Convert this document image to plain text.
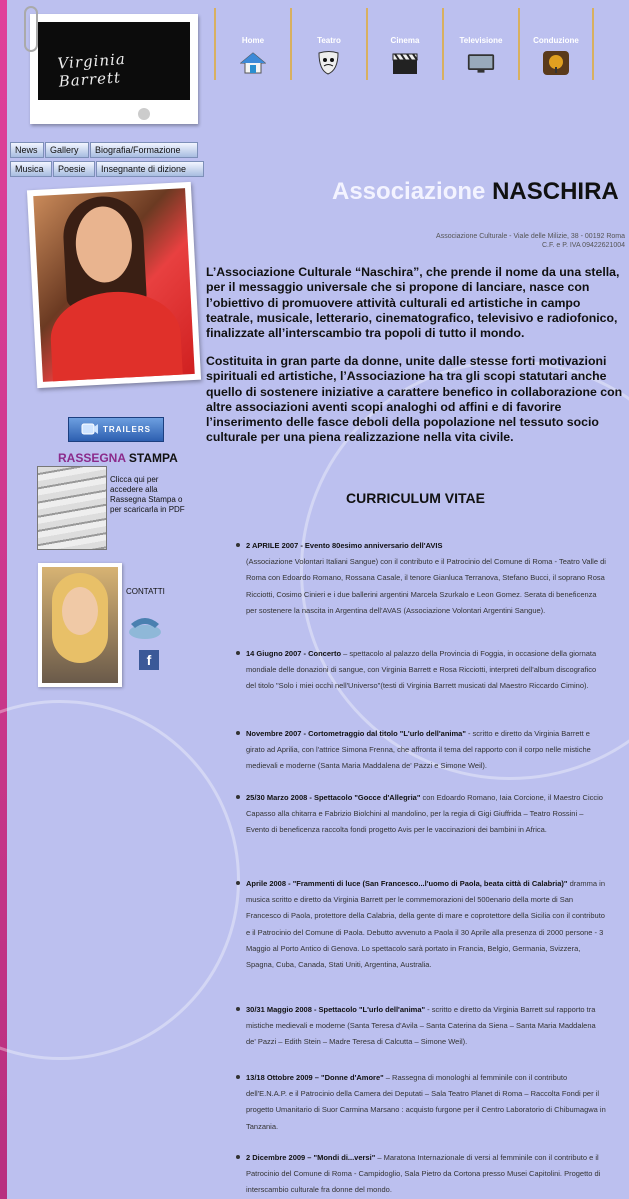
Virginia Barrett
Home	Teatro	Cinema	Televisione	Conduzione
News	Gallery	Biografia/Formazione
Musica	Poesie	Insegnante di dizione
TRAILERS
RASSEGNA STAMPA
Clicca qui per accedere alla Rassegna Stampa o per scaricarla in PDF
CONTATTI
f
Associazione NASCHIRA
Associazione Culturale - Viale delle Milizie, 38 - 00192 Roma
C.F. e P. IVA 09422621004
L’Associazione Culturale “Naschira”, che prende il nome da una stella, per il messaggio universale che si propone di lanciare, nasce con l’obiettivo di promuovere attività culturali ed artistiche in campo teatrale, musicale, letterario, cinematografico, televisivo e radiofonico, finalizzate all’interscambio tra popoli di tutto il mondo.
Costituita in gran parte da donne, unite dalle stesse forti motivazioni spirituali ed artistiche, l’Associazione ha tra gli scopi statutari anche quello di sostenere iniziative a carattere benefico in collaborazione con altre associazioni aventi scopi analoghi od affini e di favorire l’inserimento delle fasce deboli della popolazione nel tessuto socio culturale per una piena realizzazione nella vita civile.
CURRICULUM VITAE
2 APRILE 2007 - Evento 80esimo anniversario dell'AVIS
(Associazione Volontari Italiani Sangue) con il contributo e il Patrocinio del Comune di Roma - Teatro Valle di Roma con Edoardo Romano, Rossana Casale, il tenore Gianluca Terranova, Stefano Bucci, il soprano Rosa Ricciotti, Cosimo Cinieri e i due ballerini argentini Marcela Szurkalo e Leon Gomez. Serata di beneficenza per sostenere la nascita in Argentina dell'AVAS (Associazione Volontari Argentini Sangue).
14 Giugno 2007 - Concerto – spettacolo al palazzo della Provincia di Foggia, in occasione della giornata mondiale delle donazioni di sangue, con Virginia Barrett e Rosa Ricciotti, interpreti dell'album discografico del titolo "Solo i miei occhi nell'Universo"(testi di Virginia Barrett musicati dal Maestro Riccardo Cimino).
Novembre 2007 - Cortometraggio dal titolo "L'urlo dell'anima" - scritto e diretto da Virginia Barrett e girato ad Aprilia, con l'attrice Simona Frenna, che affronta il tema del rapporto con il corpo nelle mistiche medievali e moderne (Santa Maria Maddalena de' Pazzi e Simone Weil).
25/30 Marzo 2008 - Spettacolo "Gocce d'Allegria" con Edoardo Romano, Iaia Corcione, il Maestro Ciccio Capasso alla chitarra e Fabrizio Biolchini al mandolino, per la regia di Gigi Giuffrida – Teatro Rossini – Evento di beneficenza raccolta fondi progetto Avis per le vaccinazioni dei bambini in Africa.
Aprile 2008 - "Frammenti di luce (San Francesco...l'uomo di Paola, beata città di Calabria)" dramma in musica scritto e diretto da Virginia Barrett per le commemorazioni del 500enario della morte di San Francesco di Paola, protettore della Calabria, della gente di mare e coprotettore della Sicilia con il contributo e il Patrocinio del Comune di Paola. Debutto avvenuto a Paola il 30 Aprile alla presenza di 2000 persone - 3 Maggio al Porto Antico di Genova. Lo spettacolo sarà portato in Francia, Belgio, Germania, Svizzera, Spagna, Cuba, Canada, Stati Uniti, Argentina, Australia.
30/31 Maggio 2008 - Spettacolo "L'urlo dell'anima" - scritto e diretto da Virginia Barrett sul rapporto tra mistiche medievali e moderne (Santa Teresa d'Avila – Santa Caterina da Siena – Santa Maria Maddalena de' Pazzi – Edith Stein – Madre Teresa di Calcutta – Simone Weil).
13/18 Ottobre 2009 – "Donne d'Amore" – Rassegna di monologhi al femminile con il contributo dell'E.N.A.P. e il Patrocinio della Camera dei Deputati – Sala Teatro Planet di Roma – Raccolta Fondi per il progetto Umanitario di Suor Carmina Marsano : acquisto furgone per il Centro Laboratorio di Chibumagwa in Tanzania.
2 Dicembre 2009 – "Mondi di...versi" – Maratona Internazionale di versi al femminile con il contributo e il Patrocinio del Comune di Roma - Campidoglio, Sala Pietro da Cortona presso Musei Capitolini. Progetto di interscambio culturale fra donne del mondo.
